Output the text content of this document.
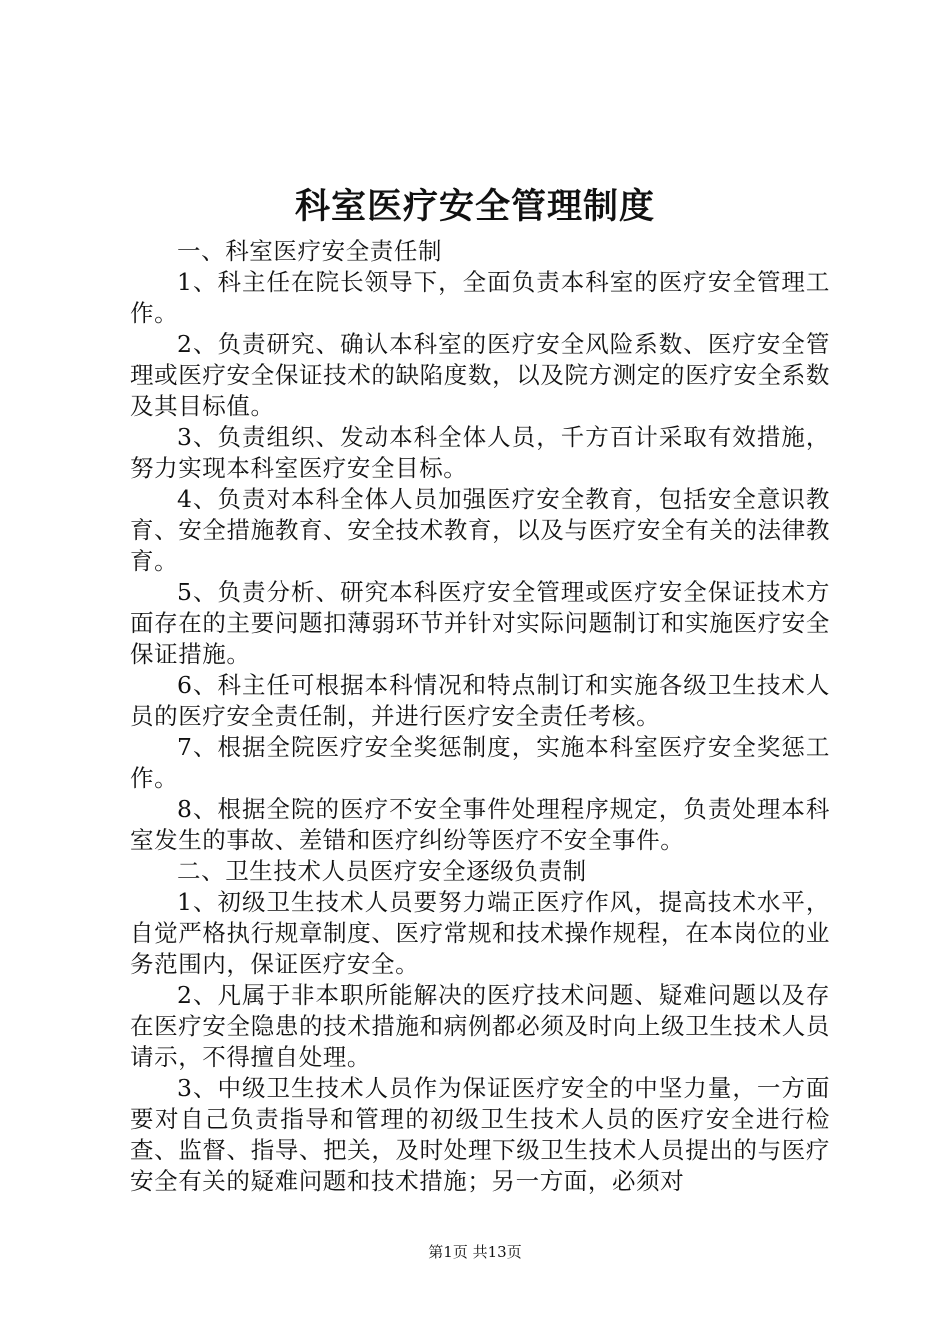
科室医疗安全管理制度

一、科室医疗安全责任制

1、科主任在院长领导下，全面负责本科室的医疗安全管理工作。

2、负责研究、确认本科室的医疗安全风险系数、医疗安全管理或医疗安全保证技术的缺陷度数，以及院方测定的医疗安全系数及其目标值。

3、负责组织、发动本科全体人员，千方百计采取有效措施，努力实现本科室医疗安全目标。

4、负责对本科全体人员加强医疗安全教育，包括安全意识教育、安全措施教育、安全技术教育，以及与医疗安全有关的法律教育。

5、负责分析、研究本科医疗安全管理或医疗安全保证技术方面存在的主要问题扣薄弱环节并针对实际问题制订和实施医疗安全保证措施。

6、科主任可根据本科情况和特点制订和实施各级卫生技术人员的医疗安全责任制，并进行医疗安全责任考核。

7、根据全院医疗安全奖惩制度，实施本科室医疗安全奖惩工作。

8、根据全院的医疗不安全事件处理程序规定，负责处理本科室发生的事故、差错和医疗纠纷等医疗不安全事件。

二、卫生技术人员医疗安全逐级负责制

1、初级卫生技术人员要努力端正医疗作风，提高技术水平，自觉严格执行规章制度、医疗常规和技术操作规程，在本岗位的业务范围内，保证医疗安全。

2、凡属于非本职所能解决的医疗技术问题、疑难问题以及存在医疗安全隐患的技术措施和病例都必须及时向上级卫生技术人员请示，不得擅自处理。

3、中级卫生技术人员作为保证医疗安全的中坚力量，一方面要对自己负责指导和管理的初级卫生技术人员的医疗安全进行检查、监督、指导、把关，及时处理下级卫生技术人员提出的与医疗安全有关的疑难问题和技术措施；另一方面，必须对

第1页 共13页
